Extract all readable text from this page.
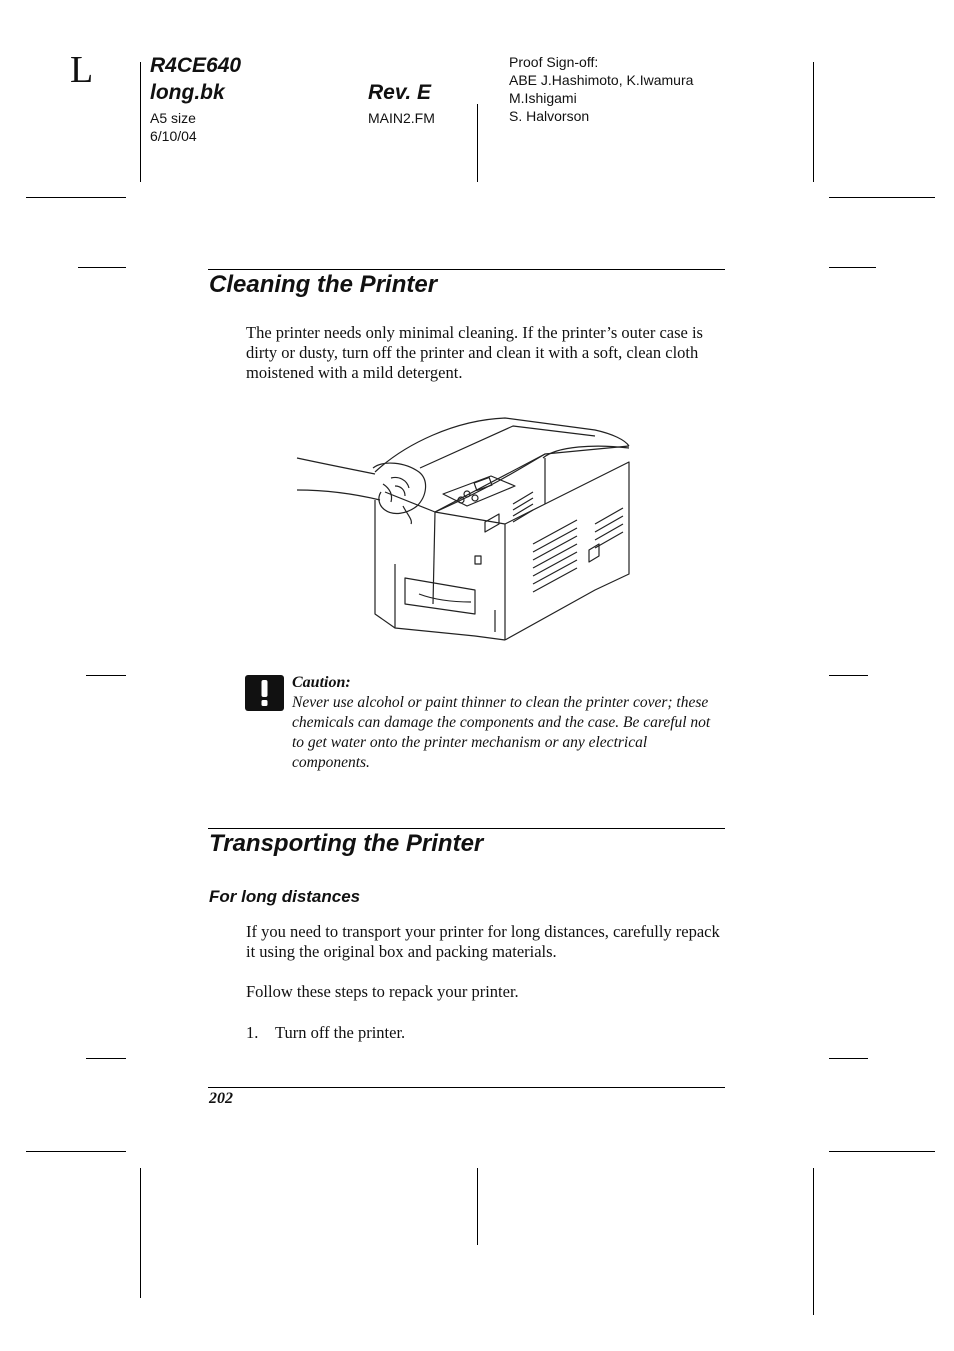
L	R4CE640
long.bk	Rev. E
A5 size
6/10/04
MAIN2.FM
Proof Sign-off:
ABE J.Hashimoto, K.Iwamura
M.Ishigami
S. Halvorson
Cleaning the Printer

The printer needs only minimal cleaning. If the printer’s outer case is dirty or dusty, turn off the printer and clean it with a soft, clean cloth moistened with a mild detergent.

Caution:
Never use alcohol or paint thinner to clean the printer cover; these chemicals can damage the components and the case. Be careful not to get water onto the printer mechanism or any electrical components.
Transporting the Printer
For long distances

If you need to transport your printer for long distances, carefully repack it using the original box and packing materials.

Follow these steps to repack your printer.

1. Turn off the printer.
202
